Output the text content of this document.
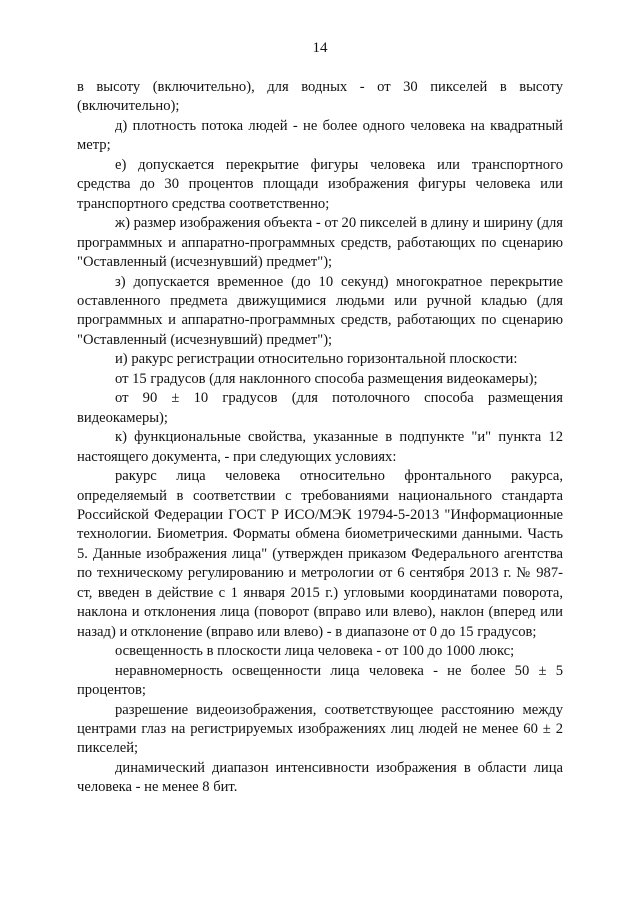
14

в высоту (включительно), для водных - от 30 пикселей в высоту (включительно);

д) плотность потока людей - не более одного человека на квадратный метр;

е) допускается перекрытие фигуры человека или транспортного средства до 30 процентов площади изображения фигуры человека или транспортного средства соответственно;

ж) размер изображения объекта - от 20 пикселей в длину и ширину (для программных и аппаратно-программных средств, работающих по сценарию "Оставленный (исчезнувший) предмет");

з) допускается временное (до 10 секунд) многократное перекрытие оставленного предмета движущимися людьми или ручной кладью (для программных и аппаратно-программных средств, работающих по сценарию "Оставленный (исчезнувший) предмет");

и) ракурс регистрации относительно горизонтальной плоскости:

от 15 градусов (для наклонного способа размещения видеокамеры);

от 90 ± 10 градусов (для потолочного способа размещения видеокамеры);

к) функциональные свойства, указанные в подпункте "и" пункта 12 настоящего документа, - при следующих условиях:

ракурс лица человека относительно фронтального ракурса, определяемый в соответствии с требованиями национального стандарта Российской Федерации ГОСТ Р ИСО/МЭК 19794-5-2013 "Информационные технологии. Биометрия. Форматы обмена биометрическими данными. Часть 5. Данные изображения лица" (утвержден приказом Федерального агентства по техническому регулированию и метрологии от 6 сентября 2013 г. № 987-ст, введен в действие с 1 января 2015 г.) угловыми координатами поворота, наклона и отклонения лица (поворот (вправо или влево), наклон (вперед или назад) и отклонение (вправо или влево) - в диапазоне от 0 до 15 градусов;

освещенность в плоскости лица человека - от 100 до 1000 люкс;

неравномерность освещенности лица человека - не более 50 ± 5 процентов;

разрешение видеоизображения, соответствующее расстоянию между центрами глаз на регистрируемых изображениях лиц людей не менее 60 ± 2 пикселей;

динамический диапазон интенсивности изображения в области лица человека - не менее 8 бит.
